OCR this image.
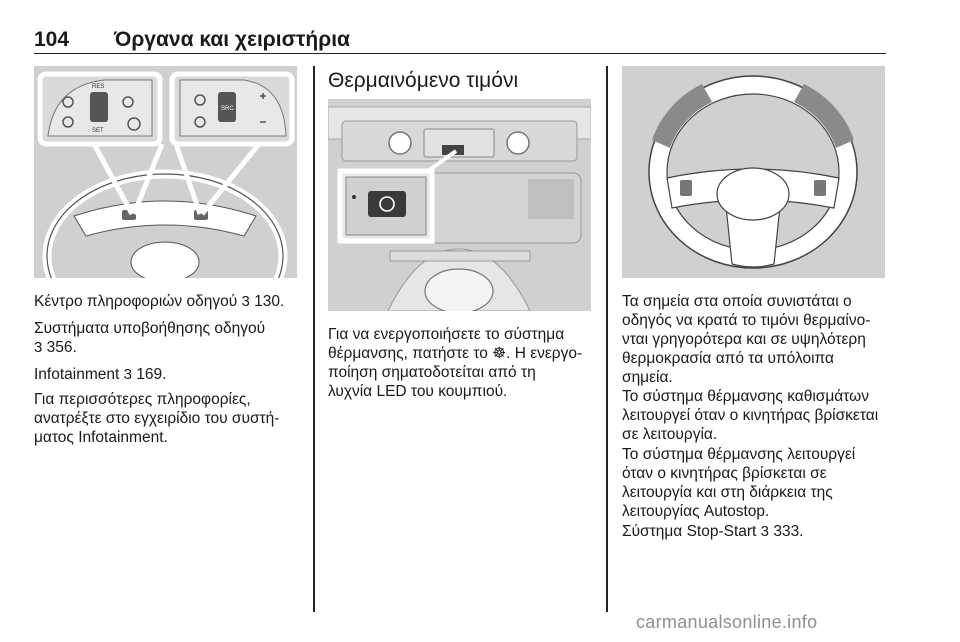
104 Όργανα και χειριστήρια
RES
SET
SRC
Κέντρο πληροφοριών οδηγού 3 130.
Συστήματα υποβοήθησης οδηγού
3 356.
Infotainment 3 169.
Για περισσότερες πληροφορίες,
ανατρέξτε στο εγχειρίδιο του συστή-
ματος Infotainment.
Θερμαινόμενο τιμόνι
Για να ενεργοποιήσετε το σύστημα
θέρμανσης, πατήστε το ☸. Η ενεργο-
ποίηση σηματοδοτείται από τη
λυχνία LED του κουμπιού.
Τα σημεία στα οποία συνιστάται ο
οδηγός να κρατά το τιμόνι θερμαίνο-
νται γρηγορότερα και σε υψηλότερη
θερμοκρασία από τα υπόλοιπα
σημεία.
Το σύστημα θέρμανσης καθισμάτων
λειτουργεί όταν ο κινητήρας βρίσκεται
σε λειτουργία.
Το σύστημα θέρμανσης λειτουργεί
όταν ο κινητήρας βρίσκεται σε
λειτουργία και στη διάρκεια της
λειτουργίας Autostop.
Σύστημα Stop-Start 3 333.
carmanualsonline.info
